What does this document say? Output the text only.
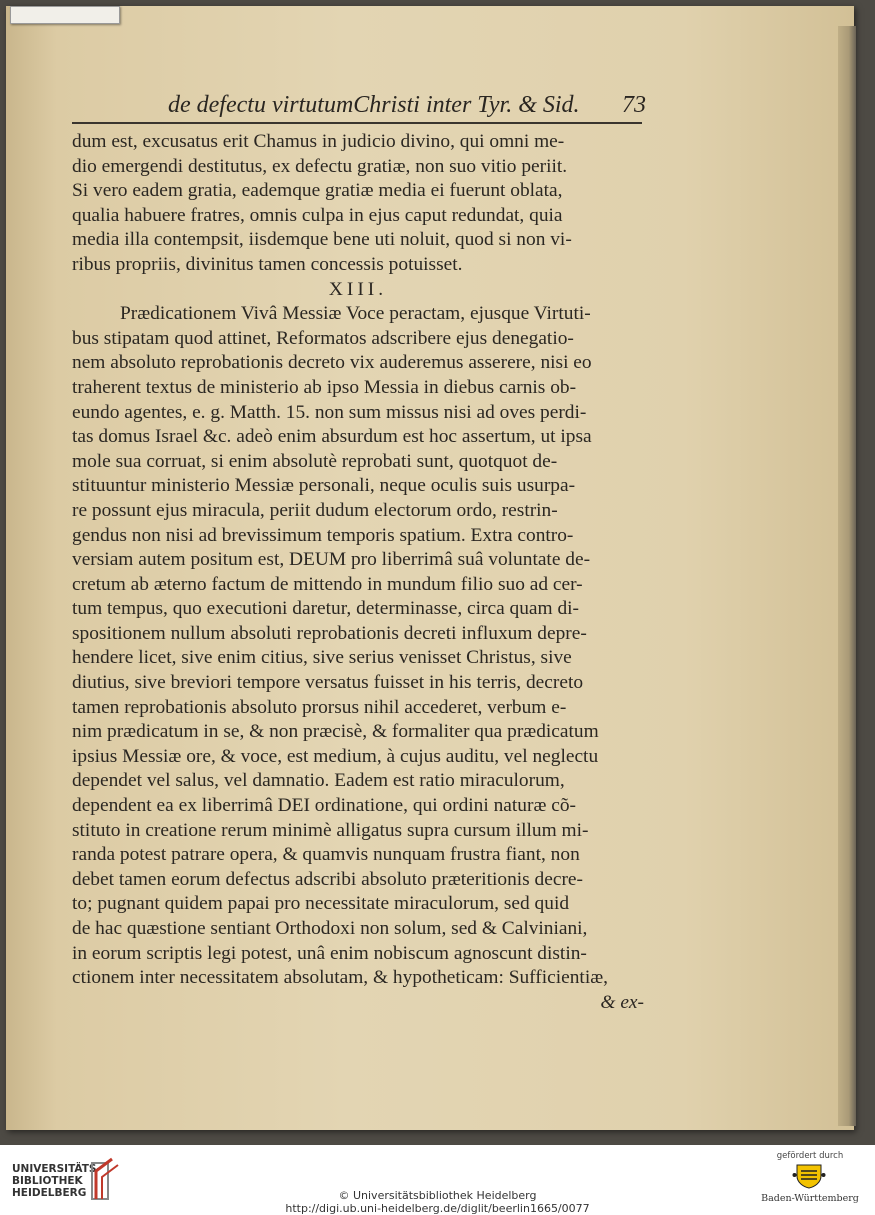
de defectu virtutumChristi inter Tyr. & Sid. 73
dum est, excusatus erit Chamus in judicio divino, qui omni me-
dio emergendi destitutus, ex defectu gratiæ, non suo vitio periit.
Si vero eadem gratia, eademque gratiæ media ei fuerunt oblata,
qualia habuere fratres, omnis culpa in ejus caput redundat, quia
media illa contempsit, iisdemque bene uti noluit, quod si non vi-
ribus propriis, divinitus tamen concessis potuisset.
XIII.
Prædicationem Vivâ Messiæ Voce peractam, ejusque Virtuti-
bus stipatam quod attinet, Reformatos adscribere ejus denegatio-
nem absoluto reprobationis decreto vix auderemus asserere, nisi eo
traherent textus de ministerio ab ipso Messia in diebus carnis ob-
eundo agentes, e. g. Matth. 15. non sum missus nisi ad oves perdi-
tas domus Israel &c. adeò enim absurdum est hoc assertum, ut ipsa
mole sua corruat, si enim absolutè reprobati sunt, quotquot de-
stituuntur ministerio Messiæ personali, neque oculis suis usurpa-
re possunt ejus miracula, periit dudum electorum ordo, restrin-
gendus non nisi ad brevissimum temporis spatium. Extra contro-
versiam autem positum est, DEUM pro liberrimâ suâ voluntate de-
cretum ab æterno factum de mittendo in mundum filio suo ad cer-
tum tempus, quo executioni daretur, determinasse, circa quam di-
spositionem nullum absoluti reprobationis decreti influxum depre-
hendere licet, sive enim citius, sive serius venisset Christus, sive
diutius, sive breviori tempore versatus fuisset in his terris, decreto
tamen reprobationis absoluto prorsus nihil accederet, verbum e-
nim prædicatum in se, & non præcisè, & formaliter qua prædicatum
ipsius Messiæ ore, & voce, est medium, à cujus auditu, vel neglectu
dependet vel salus, vel damnatio. Eadem est ratio miraculorum,
dependent ea ex liberrimâ DEI ordinatione, qui ordini naturæ cõ-
stituto in creatione rerum minimè alligatus supra cursum illum mi-
randa potest patrare opera, & quamvis nunquam frustra fiant, non
debet tamen eorum defectus adscribi absoluto præteritionis decre-
to; pugnant quidem papai pro necessitate miraculorum, sed quid
de hac quæstione sentiant Orthodoxi non solum, sed & Calviniani,
in eorum scriptis legi potest, unâ enim nobiscum agnoscunt distin-
ctionem inter necessitatem absolutam, & hypotheticam: Sufficientiæ,
& ex-
UNIVERSITÄTS-
BIBLIOTHEK
HEIDELBERG	© Universitätsbibliothek Heidelberg
http://digi.ub.uni-heidelberg.de/diglit/beerlin1665/0077
gefördert durch
Baden-Württemberg
